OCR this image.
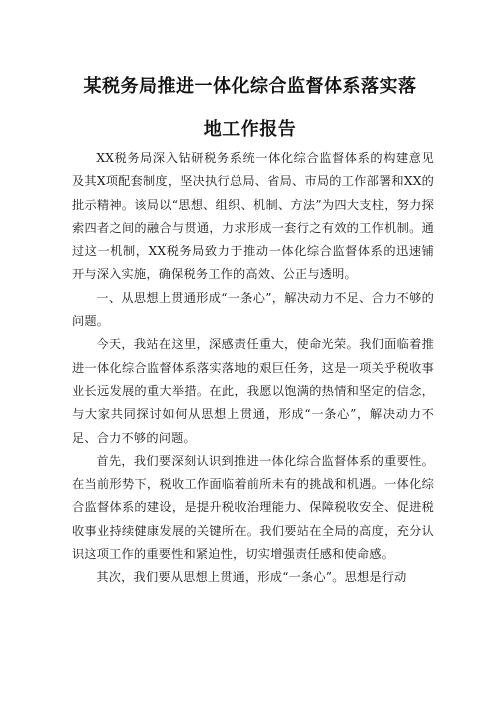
某税务局推进一体化综合监督体系落实落
地工作报告

XX税务局深入钻研税务系统一体化综合监督体系的构建意见及其X项配套制度，坚决执行总局、省局、市局的工作部署和XX的批示精神。该局以“思想、组织、机制、方法”为四大支柱，努力探索四者之间的融合与贯通，力求形成一套行之有效的工作机制。通过这一机制，XX税务局致力于推动一体化综合监督体系的迅速铺开与深入实施，确保税务工作的高效、公正与透明。

一、从思想上贯通形成“一条心”，解决动力不足、合力不够的问题。

今天，我站在这里，深感责任重大，使命光荣。我们面临着推进一体化综合监督体系落实落地的艰巨任务，这是一项关乎税收事业长远发展的重大举措。在此，我愿以饱满的热情和坚定的信念，与大家共同探讨如何从思想上贯通，形成“一条心”，解决动力不足、合力不够的问题。

首先，我们要深刻认识到推进一体化综合监督体系的重要性。在当前形势下，税收工作面临着前所未有的挑战和机遇。一体化综合监督体系的建设，是提升税收治理能力、保障税收安全、促进税收事业持续健康发展的关键所在。我们要站在全局的高度，充分认识这项工作的重要性和紧迫性，切实增强责任感和使命感。

其次，我们要从思想上贯通，形成“一条心”。思想是行动
